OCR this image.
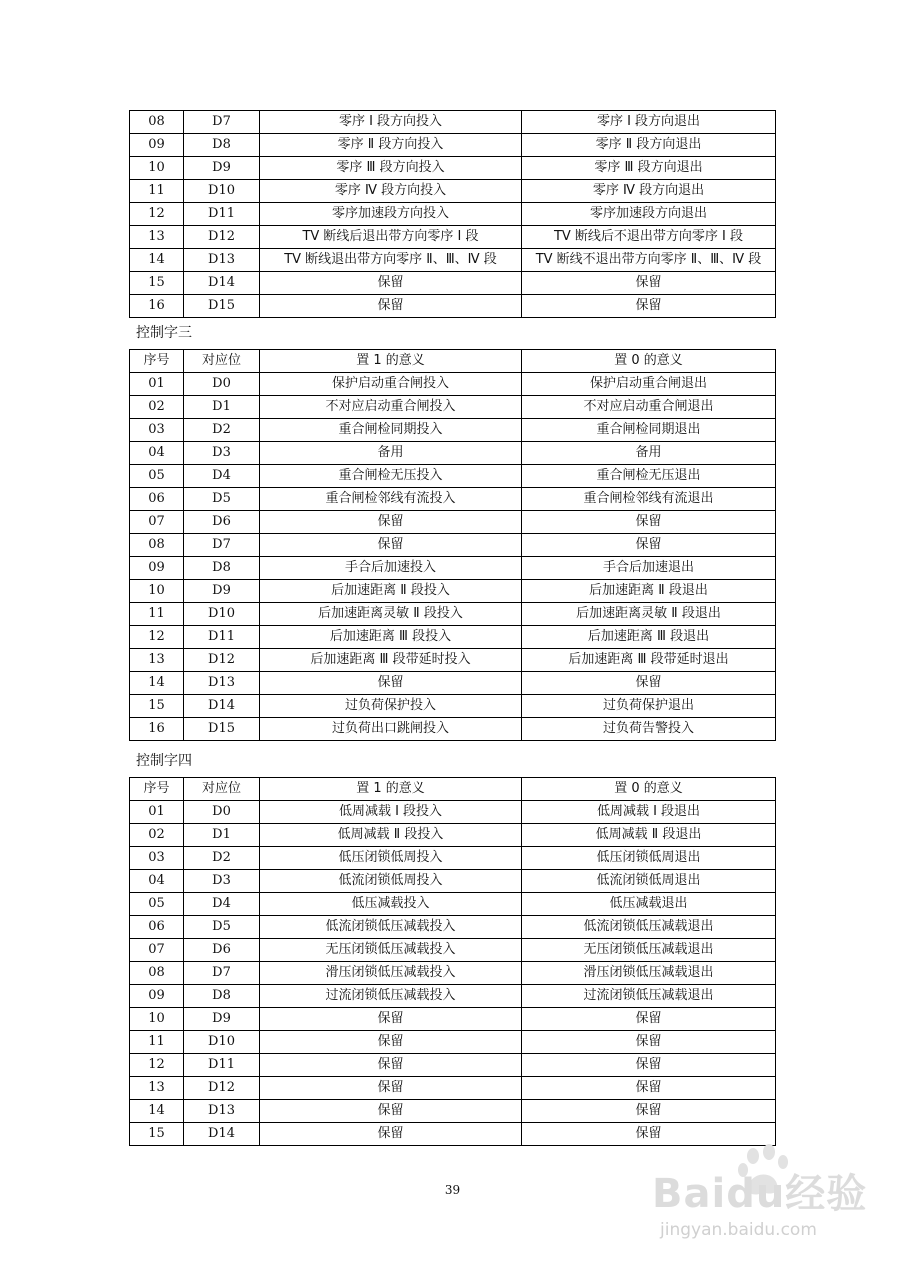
08	D7	零序 Ⅰ 段方向投入	零序 Ⅰ 段方向退出
09	D8	零序 Ⅱ 段方向投入	零序 Ⅱ 段方向退出
10	D9	零序 Ⅲ 段方向投入	零序 Ⅲ 段方向退出
11	D10	零序 Ⅳ 段方向投入	零序 Ⅳ 段方向退出
12	D11	零序加速段方向投入	零序加速段方向退出
13	D12	TV 断线后退出带方向零序 Ⅰ 段	TV 断线后不退出带方向零序 Ⅰ 段
14	D13	TV 断线退出带方向零序 Ⅱ、Ⅲ、Ⅳ 段	TV 断线不退出带方向零序 Ⅱ、Ⅲ、Ⅳ 段
15	D14	保留	保留
16	D15	保留	保留
控制字三
序号	对应位	置 1 的意义	置 0 的意义
01	D0	保护启动重合闸投入	保护启动重合闸退出
02	D1	不对应启动重合闸投入	不对应启动重合闸退出
03	D2	重合闸检同期投入	重合闸检同期退出
04	D3	备用	备用
05	D4	重合闸检无压投入	重合闸检无压退出
06	D5	重合闸检邻线有流投入	重合闸检邻线有流退出
07	D6	保留	保留
08	D7	保留	保留
09	D8	手合后加速投入	手合后加速退出
10	D9	后加速距离 Ⅱ 段投入	后加速距离 Ⅱ 段退出
11	D10	后加速距离灵敏 Ⅱ 段投入	后加速距离灵敏 Ⅱ 段退出
12	D11	后加速距离 Ⅲ 段投入	后加速距离 Ⅲ 段退出
13	D12	后加速距离 Ⅲ 段带延时投入	后加速距离 Ⅲ 段带延时退出
14	D13	保留	保留
15	D14	过负荷保护投入	过负荷保护退出
16	D15	过负荷出口跳闸投入	过负荷告警投入
控制字四
序号	对应位	置 1 的意义	置 0 的意义
01	D0	低周减载 Ⅰ 段投入	低周减载 Ⅰ 段退出
02	D1	低周减载 Ⅱ 段投入	低周减载 Ⅱ 段退出
03	D2	低压闭锁低周投入	低压闭锁低周退出
04	D3	低流闭锁低周投入	低流闭锁低周退出
05	D4	低压减载投入	低压减载退出
06	D5	低流闭锁低压减载投入	低流闭锁低压减载退出
07	D6	无压闭锁低压减载投入	无压闭锁低压减载退出
08	D7	滑压闭锁低压减载投入	滑压闭锁低压减载退出
09	D8	过流闭锁低压减载投入	过流闭锁低压减载退出
10	D9	保留	保留
11	D10	保留	保留
12	D11	保留	保留
13	D12	保留	保留
14	D13	保留	保留
15	D14	保留	保留
39	Baidu经验
jingyan.baidu.com
